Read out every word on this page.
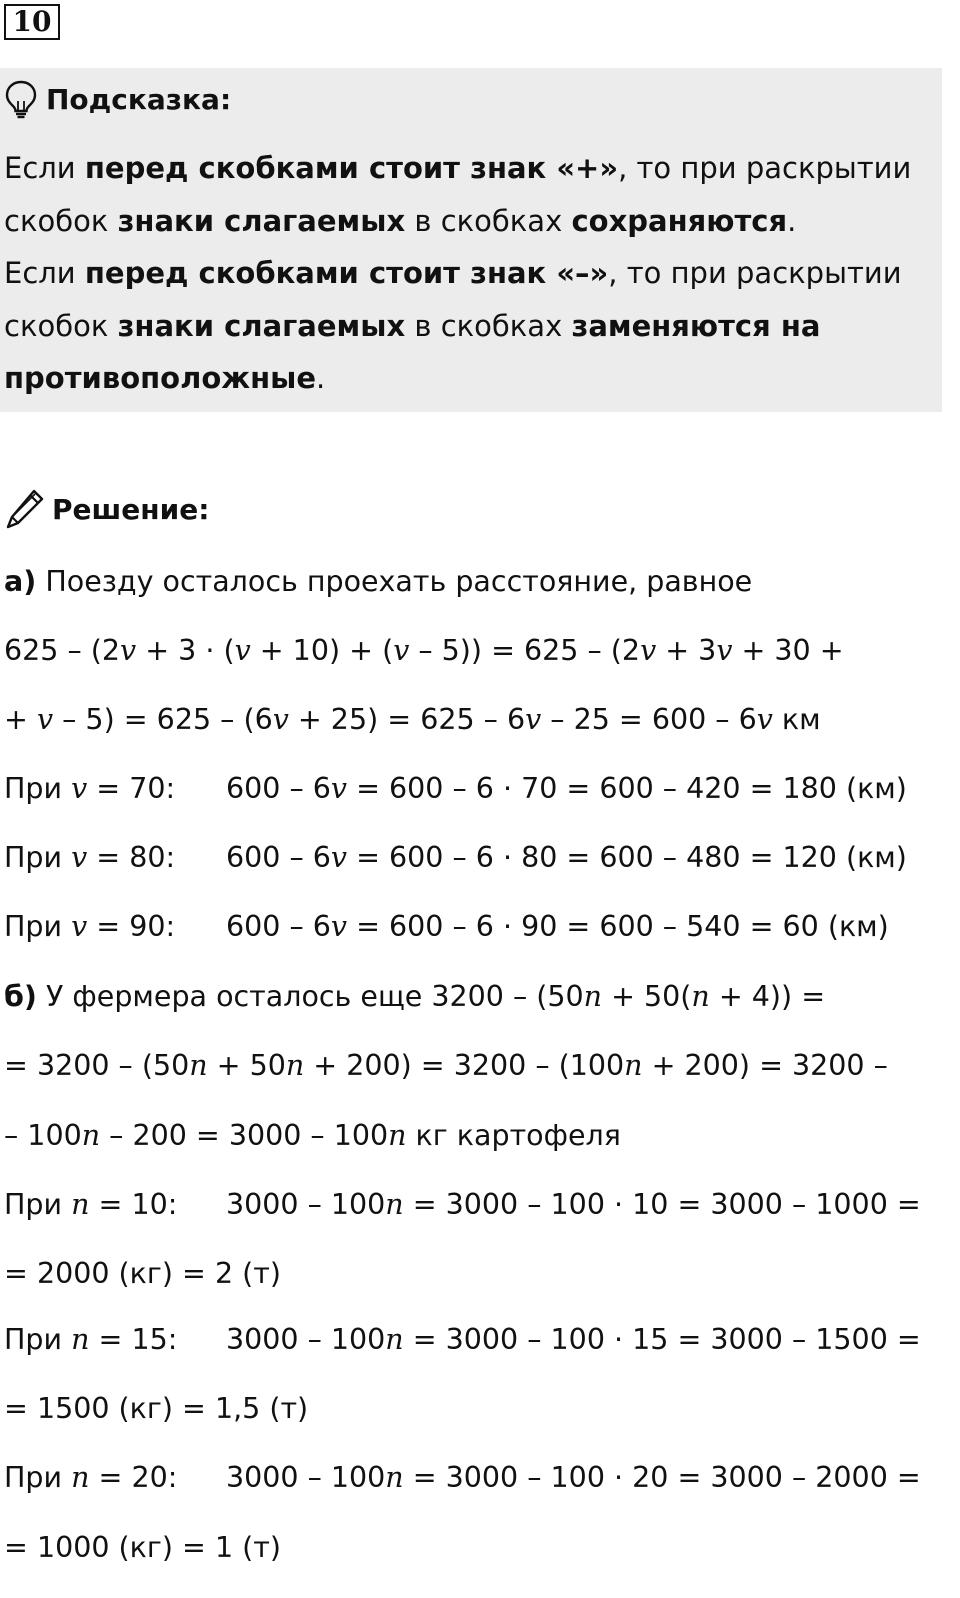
10
Подсказка:
Если перед скобками стоит знак «+», то при раскрытии
скобок знаки слагаемых в скобках сохраняются.
Если перед скобками стоит знак «–», то при раскрытии
скобок знаки слагаемых в скобках заменяются на
противоположные.
Решение:
а) Поезду осталось проехать расстояние, равное
625 – (2v + 3 · (v + 10) + (v – 5)) = 625 – (2v + 3v + 30 +
+ v – 5) = 625 – (6v + 25) = 625 – 6v – 25 = 600 – 6v км
При v = 70: 600 – 6v = 600 – 6 · 70 = 600 – 420 = 180 (км)
При v = 80: 600 – 6v = 600 – 6 · 80 = 600 – 480 = 120 (км)
При v = 90: 600 – 6v = 600 – 6 · 90 = 600 – 540 = 60 (км)
б) У фермера осталось еще 3200 – (50n + 50(n + 4)) =
= 3200 – (50n + 50n + 200) = 3200 – (100n + 200) = 3200 –
– 100n – 200 = 3000 – 100n кг картофеля
При n = 10: 3000 – 100n = 3000 – 100 · 10 = 3000 – 1000 =
= 2000 (кг) = 2 (т)
При n = 15: 3000 – 100n = 3000 – 100 · 15 = 3000 – 1500 =
= 1500 (кг) = 1,5 (т)
При n = 20: 3000 – 100n = 3000 – 100 · 20 = 3000 – 2000 =
= 1000 (кг) = 1 (т)
